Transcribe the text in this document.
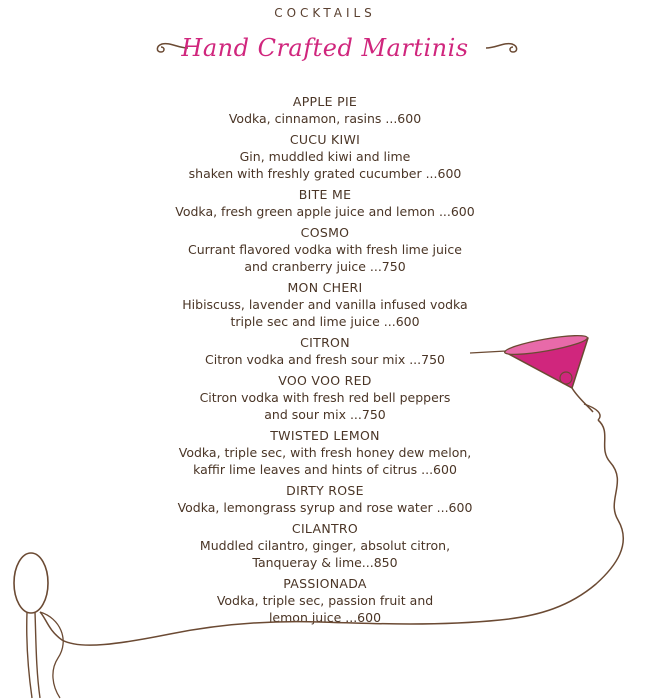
COCKTAILS
Hand Crafted Martinis
APPLE PIE
Vodka, cinnamon, rasins ...600
CUCU KIWI
Gin, muddled kiwi and lime
shaken with freshly grated cucumber ...600
BITE ME
Vodka, fresh green apple juice and lemon ...600
COSMO
Currant flavored vodka with fresh lime juice
and cranberry juice ...750
MON CHERI
Hibiscuss, lavender and vanilla infused vodka
triple sec and lime juice ...600
CITRON
Citron vodka and fresh sour mix ...750
VOO VOO RED
Citron vodka with fresh red bell peppers
and sour mix ...750
TWISTED LEMON
Vodka, triple sec, with fresh honey dew melon,
kaffir lime leaves and hints of citrus ...600
DIRTY ROSE
Vodka, lemongrass syrup and rose water ...600
CILANTRO
Muddled cilantro, ginger, absolut citron,
Tanqueray & lime...850
PASSIONADA
Vodka, triple sec, passion fruit and
lemon juice ...600
